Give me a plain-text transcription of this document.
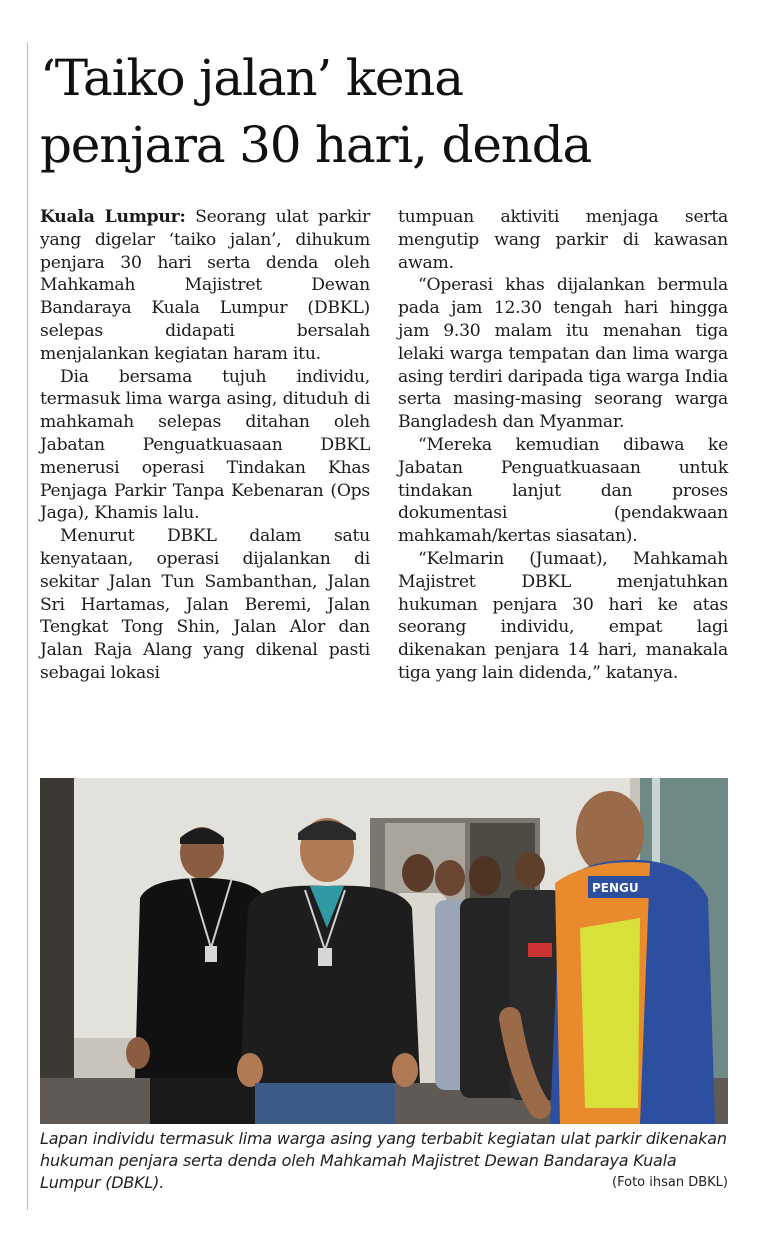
‘Taiko jalan’ kena
penjara 30 hari, denda

Kuala Lumpur: Seorang ulat parkir yang digelar ‘taiko jalan’, dihukum penjara 30 hari serta denda oleh Mahkamah Majistret Dewan Bandaraya Kuala Lumpur (DBKL) selepas didapati bersalah menjalankan kegiatan haram itu.

Dia bersama tujuh individu, termasuk lima warga asing, dituduh di mahkamah selepas ditahan oleh Jabatan Penguatkuasaan DBKL menerusi operasi Tindakan Khas Penjaga Parkir Tanpa Kebenaran (Ops Jaga), Khamis lalu.

Menurut DBKL dalam satu kenyataan, operasi dijalankan di sekitar Jalan Tun Sambanthan, Jalan Sri Hartamas, Jalan Beremi, Jalan Tengkat Tong Shin, Jalan Alor dan Jalan Raja Alang yang dikenal pasti sebagai lokasi

tumpuan aktiviti menjaga serta mengutip wang parkir di kawasan awam.

“Operasi khas dijalankan bermula pada jam 12.30 tengah hari hingga jam 9.30 malam itu menahan tiga lelaki warga tempatan dan lima warga asing terdiri daripada tiga warga India serta masing-masing seorang warga Bangladesh dan Myanmar.

“Mereka kemudian dibawa ke Jabatan Penguatkuasaan untuk tindakan lanjut dan proses dokumentasi (pendakwaan mahkamah/kertas siasatan).

“Kelmarin (Jumaat), Mahkamah Majistret DBKL menjatuhkan hukuman penjara 30 hari ke atas seorang individu, empat lagi dikenakan penjara 14 hari, manakala tiga yang lain didenda,” katanya.

PENGU
Lapan individu termasuk lima warga asing yang terbabit kegiatan ulat parkir dikenakan hukuman penjara serta denda oleh Mahkamah Majistret Dewan Bandaraya Kuala Lumpur (DBKL).	(Foto ihsan DBKL)
